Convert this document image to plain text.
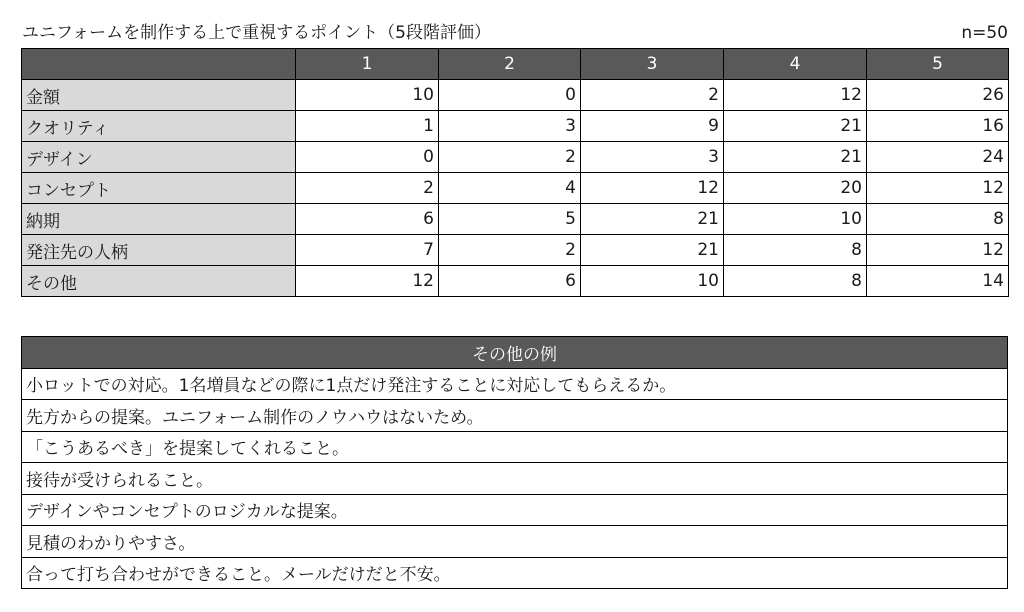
ユニフォームを制作する上で重視するポイント（5段階評価）	n=50
	1	2	3	4	5
金額	10	0	2	12	26
クオリティ	1	3	9	21	16
デザイン	0	2	3	21	24
コンセプト	2	4	12	20	12
納期	6	5	21	10	8
発注先の人柄	7	2	21	8	12
その他	12	6	10	8	14
その他の例
小ロットでの対応。1名増員などの際に1点だけ発注することに対応してもらえるか。
先方からの提案。ユニフォーム制作のノウハウはないため。
「こうあるべき」を提案してくれること。
接待が受けられること。
デザインやコンセプトのロジカルな提案。
見積のわかりやすさ。
合って打ち合わせができること。メールだけだと不安。
